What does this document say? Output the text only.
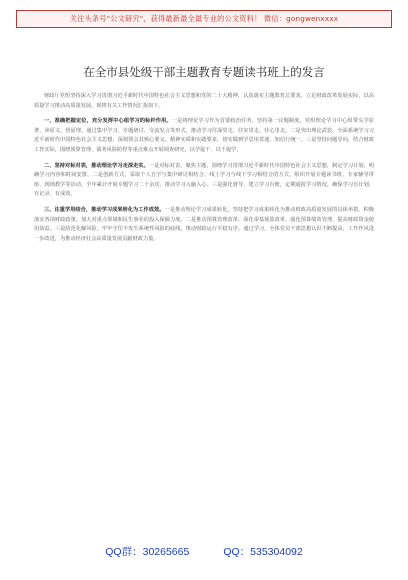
关注头条号"公文研究"，获得最新最全最专业的公文资料！ 微信：gongwenxxxx
在全市县处级干部主题教育专题读书班上的发言

财政厅党组坚持深入学习贯彻习近平新时代中国特色社会主义思想和党的二十大精神，认真落实主题教育总要求，立足财政改革发展实际，以高质量学习推动高质量发展，现将有关工作情况汇报如下。

一、准确把握定位，充分发挥中心组学习的标杆作用。一是将理论学习作为首要政治任务，坚持第一议题制度，党组理论学习中心组带头学原著、读原文、悟原理，通过集中学习、专题研讨、交流发言等形式，推动学习往深里走、往实里走、往心里走。二是突出理论武装，全面系统学习习近平新时代中国特色社会主义思想，深刻领会其核心要义、精神实质和实践要求，切实做到学思用贯通、知信行统一。三是坚持问题导向，结合财政工作实际，围绕预算管理、债务风险防控等重点难点开展调查研究，以学促干、以干促学。

二、坚持对标对表，推动理论学习走深走实。一是对标对表，聚焦主题，围绕学习贯彻习近平新时代中国特色社会主义思想，制定学习计划，明确学习内容和时间安排。二是创新方式，采取个人自学与集中研讨相结合、线上学习与线下学习相结合的方式，组织开展专题读书班、专家辅导讲座、现场教学等活动，全年累计开展专题学习二十余次，推动学习入脑入心。三是强化督导，建立学习台账，定期通报学习情况，确保学习有计划、有记录、有成效。

三、注重学用结合，推动学习成果转化为工作成效。一是推动理论学习成果转化，坚持把学习成果转化为推动财政高质量发展的具体举措，积极落实各项财政政策，加大对重点领域和民生事业的投入保障力度。二是推动预算管理改革，深化零基预算改革，强化预算绩效管理，提高财政资金使用效益。三是防范化解风险，牢牢守住不发生系统性风险的底线，推动财政运行平稳有序。通过学习，全体党员干部思想认识不断提高，工作作风进一步改进，为推动经济社会高质量发展贡献财政力量。

QQ群：30265665	QQ：535304092
